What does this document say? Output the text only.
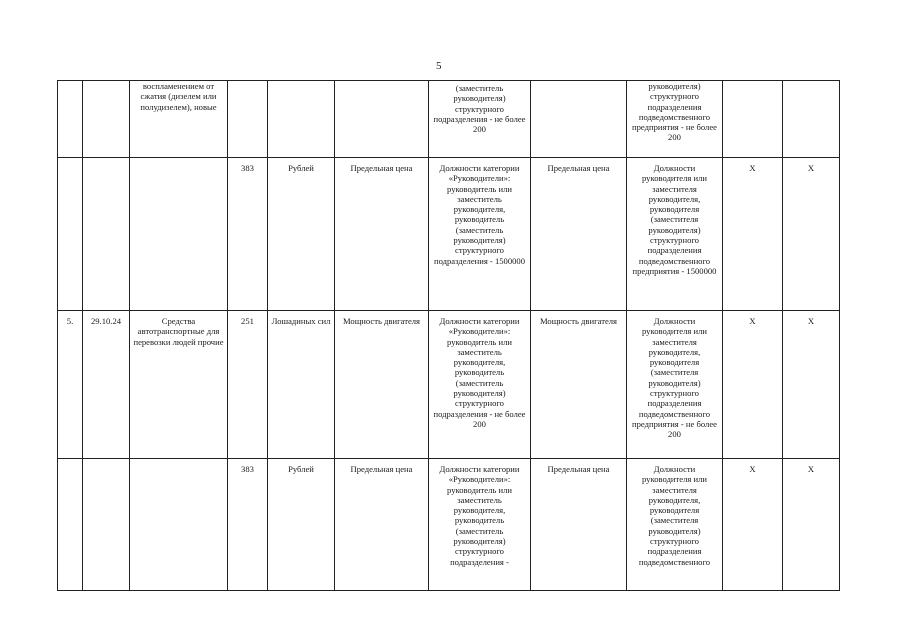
5

		воспламенением от сжатия (дизелем или полудизелем), новые				(заместитель руководителя) структурного подразделения - не более 200		руководителя) структурного подразделения подведомственного предприятия - не более 200		

			383	Рублей	Предельная цена	Должности категории «Руководители»: руководитель или заместитель руководителя, руководитель (заместитель руководителя) структурного подразделения - 1500000	Предельная цена	Должности руководителя или заместителя руководителя, руководителя (заместителя руководителя) структурного подразделения подведомственного предприятия - 1500000	X	X
5.	29.10.24	Средства автотранспортные для перевозки людей прочие	251	Лошадиных сил	Мощность двигателя	Должности категории «Руководители»: руководитель или заместитель руководителя, руководитель (заместитель руководителя) структурного подразделения - не более 200	Мощность двигателя	Должности руководителя или заместителя руководителя, руководителя (заместителя руководителя) структурного подразделения подведомственного предприятия - не более 200	X	X
			383	Рублей	Предельная цена	Должности категории «Руководители»: руководитель или заместитель руководителя, руководитель (заместитель руководителя) структурного подразделения -	Предельная цена	Должности руководителя или заместителя руководителя, руководителя (заместителя руководителя) структурного подразделения подведомственного	X	X
